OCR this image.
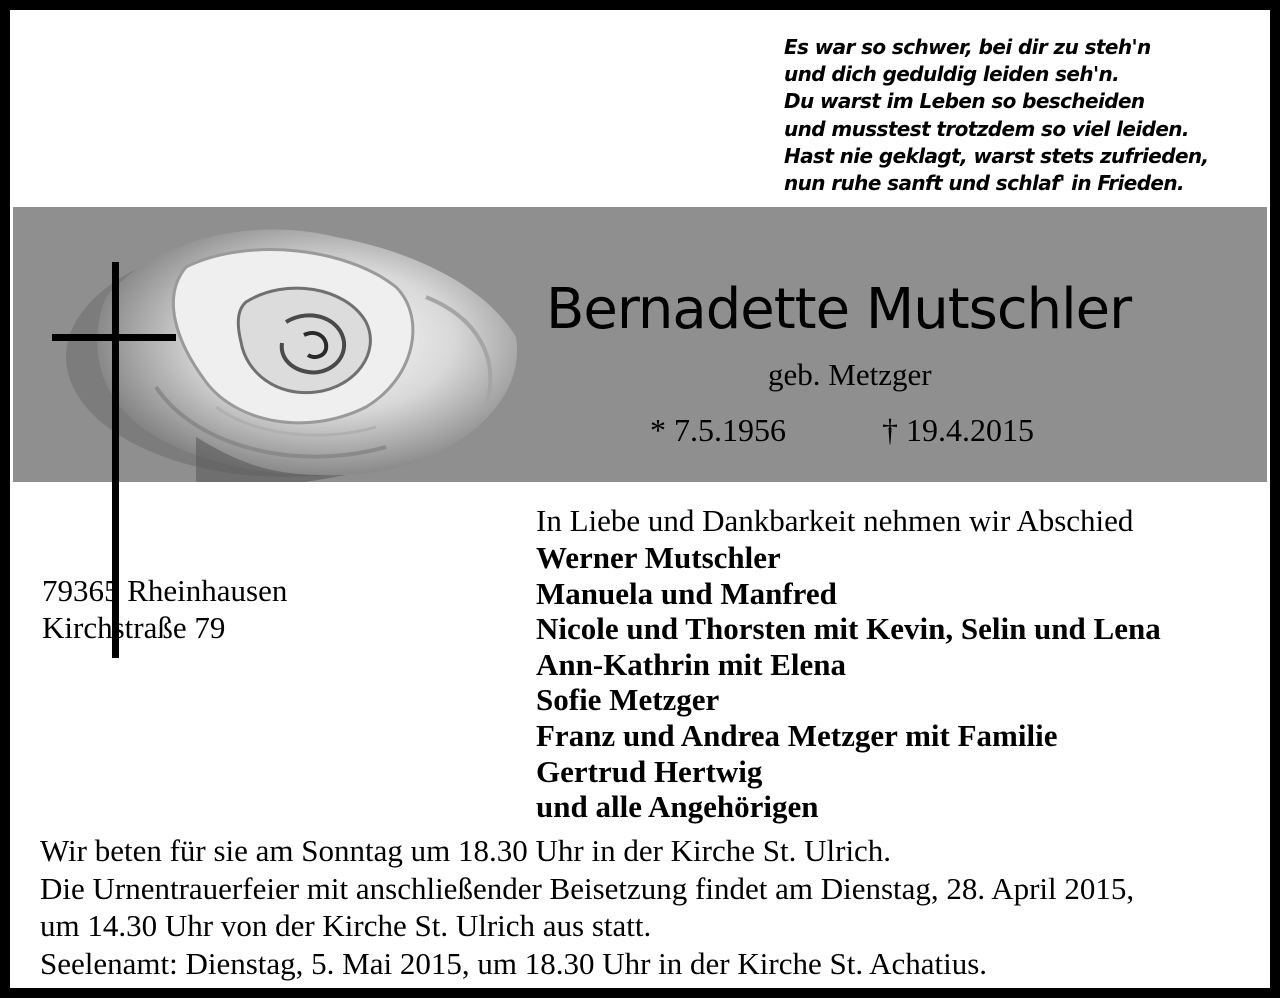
Es war so schwer, bei dir zu steh'n
und dich geduldig leiden seh'n.
Du warst im Leben so bescheiden
und musstest trotzdem so viel leiden.
Hast nie geklagt, warst stets zufrieden,
nun ruhe sanft und schlaf' in Frieden.
Bernadette Mutschler
geb. Metzger
* 7.5.1956	† 19.4.2015
In Liebe und Dankbarkeit nehmen wir Abschied
Werner Mutschler
Manuela und Manfred
Nicole und Thorsten mit Kevin, Selin und Lena
Ann-Kathrin mit Elena
Sofie Metzger
Franz und Andrea Metzger mit Familie
Gertrud Hertwig
und alle Angehörigen
79365 Rheinhausen
Kirchstraße 79
Wir beten für sie am Sonntag um 18.30 Uhr in der Kirche St. Ulrich.
Die Urnentrauerfeier mit anschließender Beisetzung findet am Dienstag, 28. April 2015,
um 14.30 Uhr von der Kirche St. Ulrich aus statt.
Seelenamt: Dienstag, 5. Mai 2015, um 18.30 Uhr in der Kirche St. Achatius.
